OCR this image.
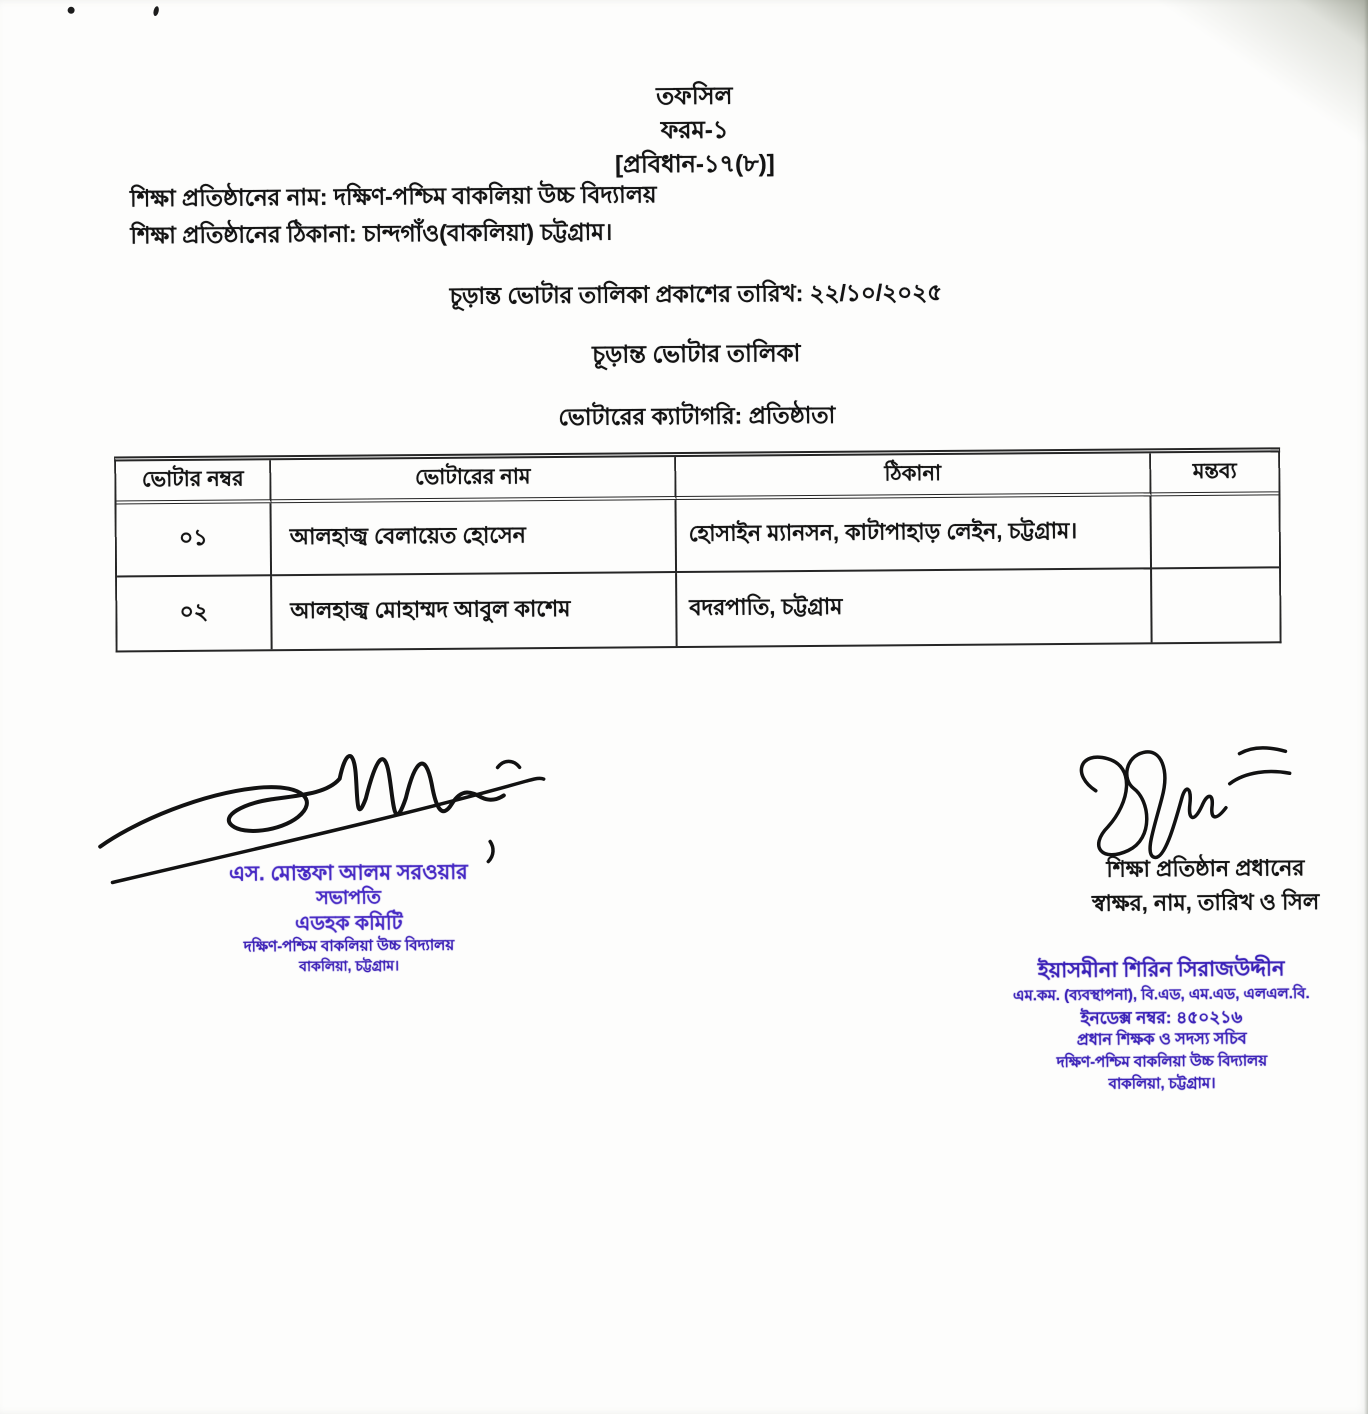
তফসিল
ফরম-১
[প্রবিধান-১৭(৮)]
শিক্ষা প্রতিষ্ঠানের নাম: দক্ষিণ-পশ্চিম বাকলিয়া উচ্চ বিদ্যালয়
শিক্ষা প্রতিষ্ঠানের ঠিকানা: চান্দগাঁও(বাকলিয়া) চট্টগ্রাম।
চূড়ান্ত ভোটার তালিকা প্রকাশের তারিখ: ২২/১০/২০২৫
চূড়ান্ত ভোটার তালিকা
ভোটারের ক্যাটাগরি: প্রতিষ্ঠাতা
ভোটার নম্বর	ভোটারের নাম	ঠিকানা	মন্তব্য
০১	আলহাজ্ব বেলায়েত হোসেন	হোসাইন ম্যানসন, কাটাপাহাড় লেইন, চট্টগ্রাম।
০২	আলহাজ্ব মোহাম্মদ আবুল কাশেম	বদরপাতি, চট্টগ্রাম
এস. মোস্তফা আলম সরওয়ার
সভাপতি
এডহক কমিটি
দক্ষিণ-পশ্চিম বাকলিয়া উচ্চ বিদ্যালয়
বাকলিয়া, চট্টগ্রাম।
শিক্ষা প্রতিষ্ঠান প্রধানের
স্বাক্ষর, নাম, তারিখ ও সিল
ইয়াসমীনা শিরিন সিরাজউদ্দীন
এম.কম. (ব্যবস্থাপনা), বি.এড, এম.এড, এলএল.বি.
ইনডেক্স নম্বর: ৪৫০২১৬
প্রধান শিক্ষক ও সদস্য সচিব
দক্ষিণ-পশ্চিম বাকলিয়া উচ্চ বিদ্যালয়
বাকলিয়া, চট্টগ্রাম।
